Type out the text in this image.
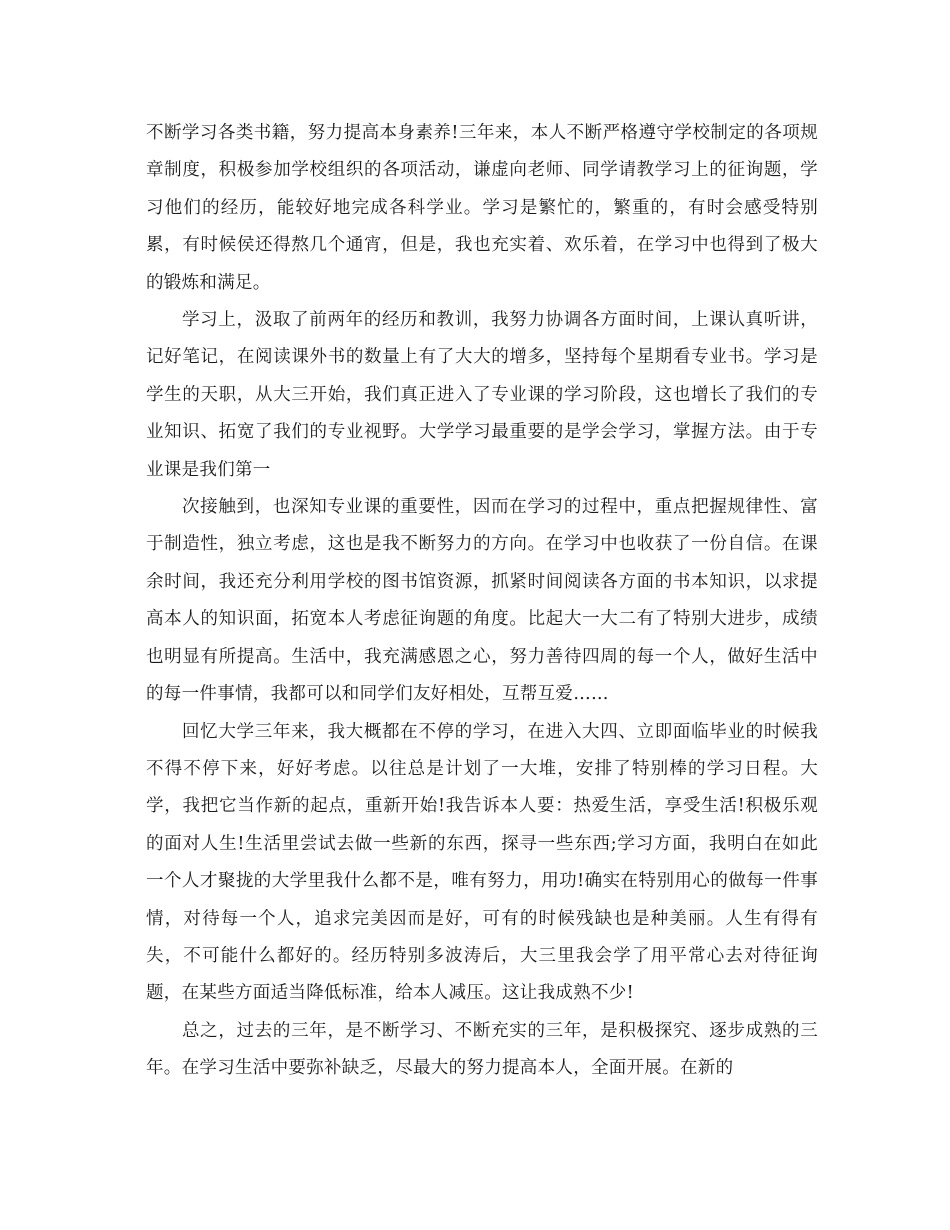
不断学习各类书籍，努力提高本身素养!三年来，本人不断严格遵守学校制定的各项规章制度，积极参加学校组织的各项活动，谦虚向老师、同学请教学习上的征询题，学习他们的经历，能较好地完成各科学业。学习是繁忙的，繁重的，有时会感受特别累，有时候侯还得熬几个通宵，但是，我也充实着、欢乐着，在学习中也得到了极大的锻炼和满足。

学习上，汲取了前两年的经历和教训，我努力协调各方面时间，上课认真听讲，记好笔记，在阅读课外书的数量上有了大大的增多，坚持每个星期看专业书。学习是学生的天职，从大三开始，我们真正进入了专业课的学习阶段，这也增长了我们的专业知识、拓宽了我们的专业视野。大学学习最重要的是学会学习，掌握方法。由于专业课是我们第一

次接触到，也深知专业课的重要性，因而在学习的过程中，重点把握规律性、富于制造性，独立考虑，这也是我不断努力的方向。在学习中也收获了一份自信。在课余时间，我还充分利用学校的图书馆资源，抓紧时间阅读各方面的书本知识，以求提高本人的知识面，拓宽本人考虑征询题的角度。比起大一大二有了特别大进步，成绩也明显有所提高。生活中，我充满感恩之心，努力善待四周的每一个人，做好生活中的每一件事情，我都可以和同学们友好相处，互帮互爱……

回忆大学三年来，我大概都在不停的学习，在进入大四、立即面临毕业的时候我不得不停下来，好好考虑。以往总是计划了一大堆，安排了特别棒的学习日程。大学，我把它当作新的起点，重新开始!我告诉本人要：热爱生活，享受生活!积极乐观的面对人生!生活里尝试去做一些新的东西，探寻一些东西;学习方面，我明白在如此一个人才聚拢的大学里我什么都不是，唯有努力，用功!确实在特别用心的做每一件事情，对待每一个人，追求完美因而是好，可有的时候残缺也是种美丽。人生有得有失，不可能什么都好的。经历特别多波涛后，大三里我会学了用平常心去对待征询题，在某些方面适当降低标准，给本人减压。这让我成熟不少!

总之，过去的三年，是不断学习、不断充实的三年，是积极探究、逐步成熟的三年。在学习生活中要弥补缺乏，尽最大的努力提高本人，全面开展。在新的
